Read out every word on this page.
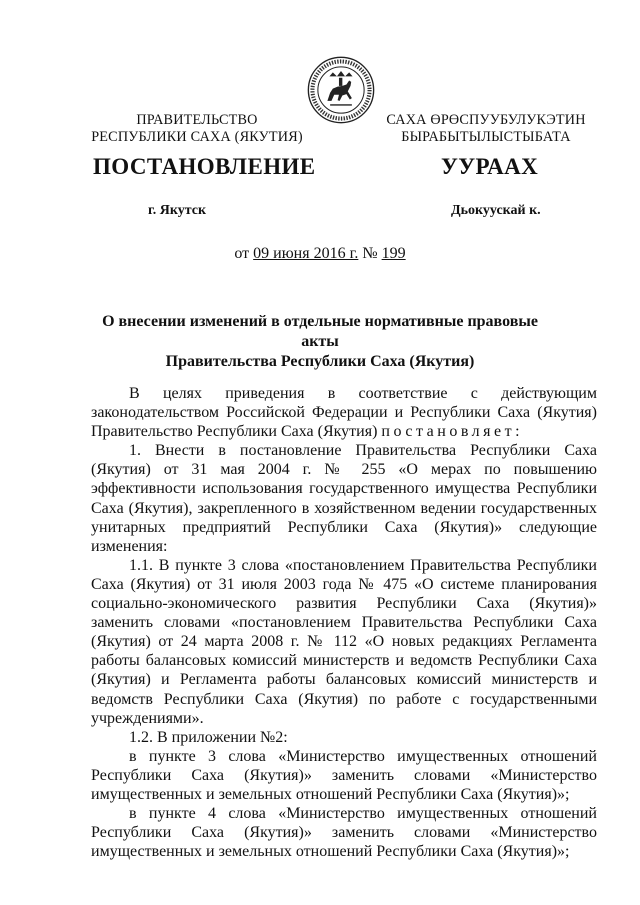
ПРАВИТЕЛЬСТВО
РЕСПУБЛИКИ САХА (ЯКУТИЯ)
САХА ӨРӨСПУУБУЛУКЭТИН
БЫРАБЫТЫЛЫСТЫБАТА
ПОСТАНОВЛЕНИЕ	УУРААХ
г. Якутск	Дьокуускай к.
от 09 июня 2016 г. № 199
О внесении изменений в отдельные нормативные правовые акты
Правительства Республики Саха (Якутия)

В целях приведения в соответствие с действующим законодательством Российской Федерации и Республики Саха (Якутия) Правительство Республики Саха (Якутия) постановляет:

1. Внести в постановление Правительства Республики Саха (Якутия) от 31 мая 2004 г. № 255 «О мерах по повышению эффективности использования государственного имущества Республики Саха (Якутия), закрепленного в хозяйственном ведении государственных унитарных предприятий Республики Саха (Якутия)» следующие изменения:

1.1. В пункте 3 слова «постановлением Правительства Республики Саха (Якутия) от 31 июля 2003 года № 475 «О системе планирования социально-экономического развития Республики Саха (Якутия)» заменить словами «постановлением Правительства Республики Саха (Якутия) от 24 марта 2008 г. № 112 «О новых редакциях Регламента работы балансовых комиссий министерств и ведомств Республики Саха (Якутия) и Регламента работы балансовых комиссий министерств и ведомств Республики Саха (Якутия) по работе с государственными учреждениями».

1.2. В приложении №2:

в пункте 3 слова «Министерство имущественных отношений Республики Саха (Якутия)» заменить словами «Министерство имущественных и земельных отношений Республики Саха (Якутия)»;

в пункте 4 слова «Министерство имущественных отношений Республики Саха (Якутия)» заменить словами «Министерство имущественных и земельных отношений Республики Саха (Якутия)»;
